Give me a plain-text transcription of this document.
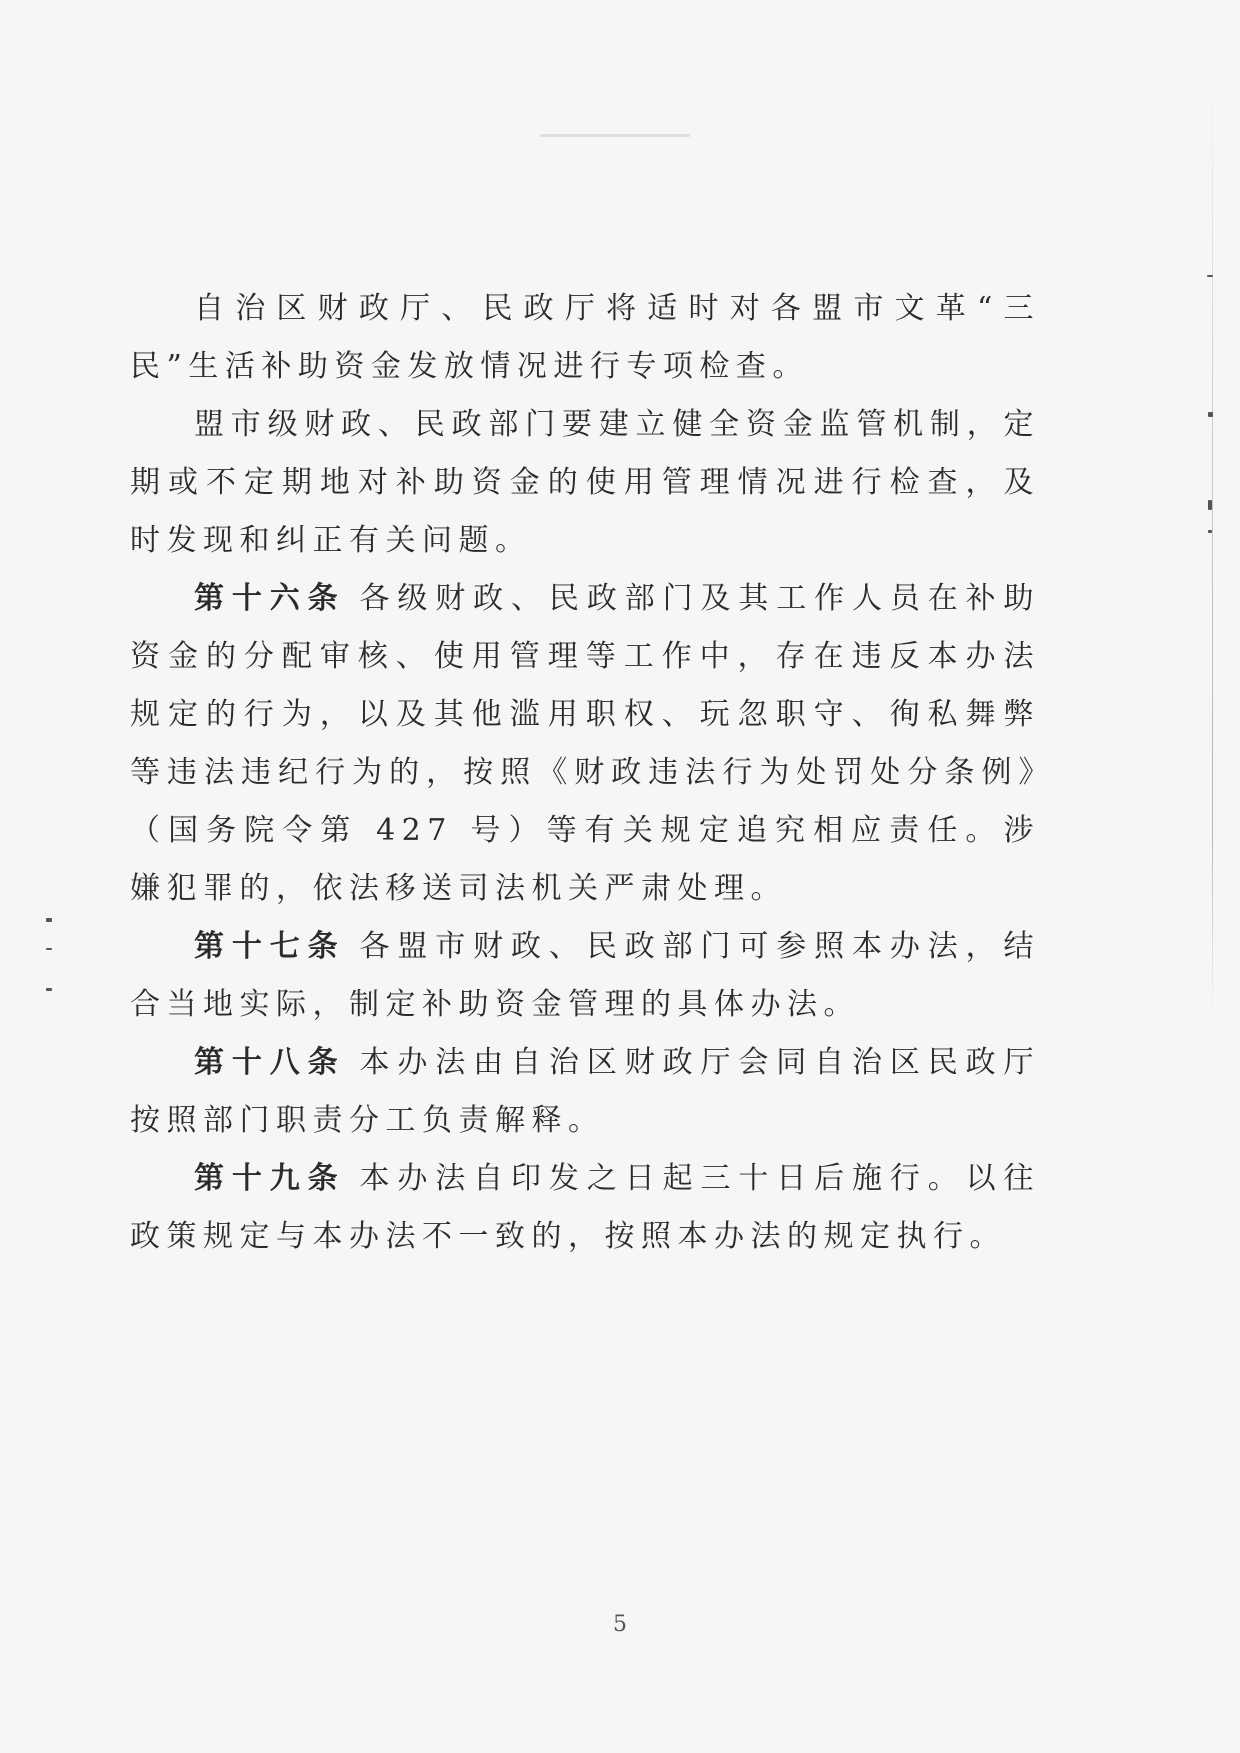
自治区财政厅、民政厅将适时对各盟市文革“三民”生活补助资金发放情况进行专项检查。

盟市级财政、民政部门要建立健全资金监管机制，定期或不定期地对补助资金的使用管理情况进行检查，及时发现和纠正有关问题。

第十六条 各级财政、民政部门及其工作人员在补助资金的分配审核、使用管理等工作中，存在违反本办法规定的行为，以及其他滥用职权、玩忽职守、徇私舞弊等违法违纪行为的，按照《财政违法行为处罚处分条例》（国务院令第 427 号）等有关规定追究相应责任。涉嫌犯罪的，依法移送司法机关严肃处理。

第十七条 各盟市财政、民政部门可参照本办法，结合当地实际，制定补助资金管理的具体办法。

第十八条 本办法由自治区财政厅会同自治区民政厅按照部门职责分工负责解释。

第十九条 本办法自印发之日起三十日后施行。以往政策规定与本办法不一致的，按照本办法的规定执行。

5
